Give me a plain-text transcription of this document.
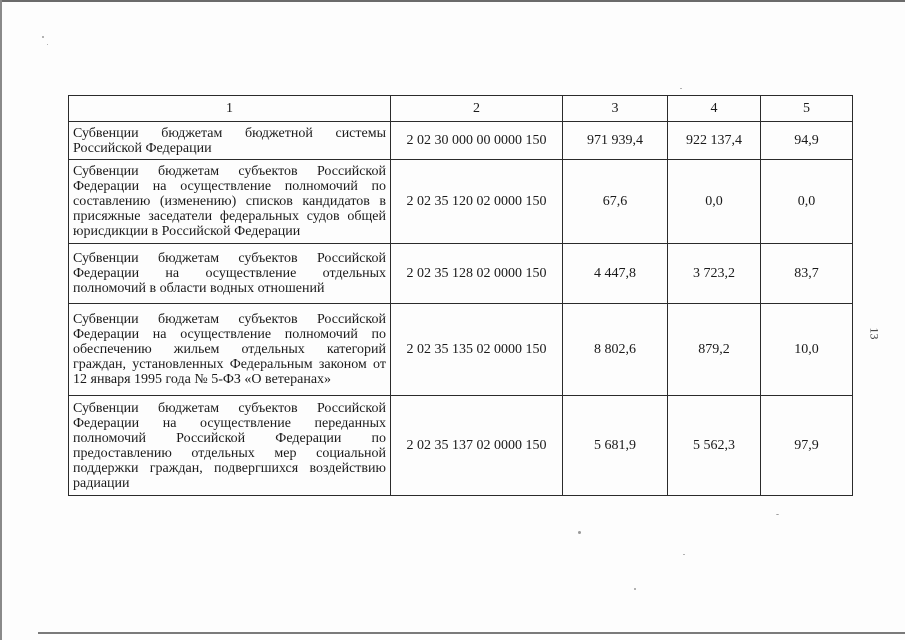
1	2	3	4	5
Субвенции бюджетам бюджетной системы Российской Федерации	2 02 30 000 00 0000 150	971 939,4	922 137,4	94,9
Субвенции бюджетам субъектов Российской Федерации на осуществление полномочий по составлению (изменению) списков кандидатов в присяжные заседатели федеральных судов общей юрисдикции в Российской Федерации	2 02 35 120 02 0000 150	67,6	0,0	0,0
Субвенции бюджетам субъектов Российской Федерации на осуществление отдельных полномочий в области водных отношений	2 02 35 128 02 0000 150	4 447,8	3 723,2	83,7
Субвенции бюджетам субъектов Российской Федерации на осуществление полномочий по обеспечению жильем отдельных категорий граждан, установленных Федеральным законом от 12 января 1995 года № 5-ФЗ «О ветеранах»	2 02 35 135 02 0000 150	8 802,6	879,2	10,0
Субвенции бюджетам субъектов Российской Федерации на осуществление переданных полномочий Российской Федерации по предоставлению отдельных мер социальной поддержки граждан, подвергшихся воздействию радиации	2 02 35 137 02 0000 150	5 681,9	5 562,3	97,9
13
